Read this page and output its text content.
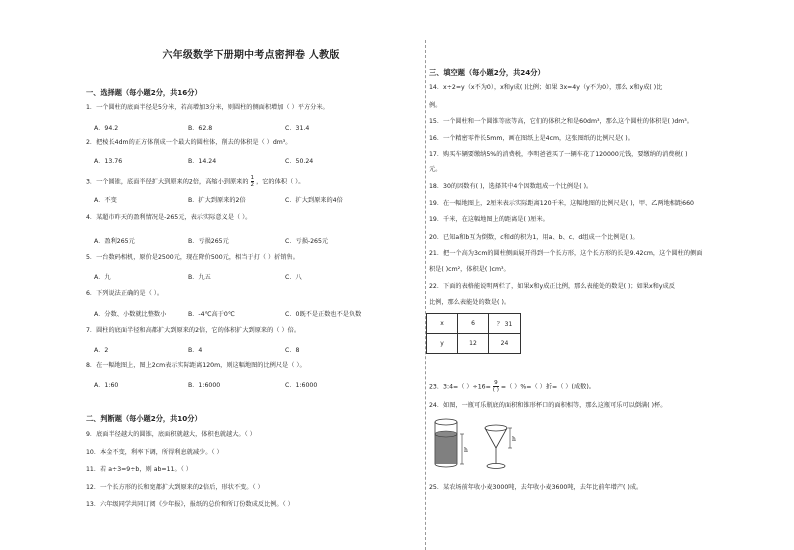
六年级数学下册期中考点密押卷 人教版
一、选择题（每小题2分，共16分）
1．一个圆柱的底面半径是5分米，若高增加3分米，则圆柱的侧面积增加（ ）平方分米。
A．94.2	B．62.8	C．31.4
2．把棱长4dm的正方体削成一个最大的圆柱体，削去的体积是（ ）dm³。
A．13.76	B．14.24	C．50.24
3．一个圆锥，底面半径扩大到原来的2倍，高缩小到原来的 $\frac{1}{2}$ ，它的体积（ ）。
A．不变	B．扩大到原来的2倍	C．扩大到原来的4倍
4．某超市昨天的盈利情况是-265元，表示实际意义是（ ）。
A．盈利265元	B．亏损265元	C．亏损-265元
5．一台数码相机，原价是2500元，现在降价500元，相当于打（ ）折销售。
A．九	B．九五	C．八
6．下列说法正确的是（ ）。
A．分数、小数就比整数小	B．-4℃高于0℃	C．0既不是正数也不是负数
7．圆柱的底面半径和高都扩大到原来的2倍，它的体积扩大到原来的（ ）倍。
A．2	B．4	C．8
8．在一幅地图上，图上2cm表示实际距离120m，则这幅地图的比例尺是（ ）。
A．1:60	B．1:6000	C．1:6000
二、判断题（每小题2分，共10分）
9．底面半径越大的圆锥，底面积就越大，体积也就越大。（ ）
10．本金不变，利率下调，所得利息就减少。（ ）
11．若 a÷3=9÷b，则 ab=11。（ ）
12．一个长方形的长和宽都扩大到原来的2倍后，形状不变。（ ）
13．六年级同学共同订阅《少年报》，报纸的总价和所订份数成反比例。（ ）
三、填空题（每小题2分，共24分）
14．x÷2=y（x不为0），x和y成( )比例；如果 3x=4y（y不为0），那么 x和y成( )比
例。
15．一个圆柱和一个圆锥等底等高，它们的体积之和是60dm³，那么这个圆柱的体积是( )dm³。
16．一个精密零件长5mm，画在图纸上是4cm，这张图纸的比例尺是( )。
17．购买车辆要缴纳5%的消费税，李明爸爸买了一辆车花了120000元钱，要缴纳的消费税( )
元。
18．30的因数有( )，选择其中4个因数组成一个比例是( )。
19．在一幅地图上，2厘米表示实际距离120千米，这幅地图的比例尺是( )，甲、乙两地相距660
19．千米，在这幅地图上的距离是( )厘米。
20．已知a和b互为倒数，c和d的积为1，用a、b、c、d组成一个比例是( )。
21．把一个高为3cm的圆柱侧面展开得到一个长方形，这个长方形的长是9.42cm，这个圆柱的侧面
积是( )cm²，体积是( )cm³。
22．下面的表格能说明两栏了，如果x和y成正比例，那么表能处的数是( )；如果x和y成反
比例，那么表能处的数是( )。
x	6	？ 31
y	12	24
23．3:4=（ ）$\div 16= \frac{9}{( )}$ =（ ）%=（ ）折=（ ）(成数)。
24．如图，一瓶可乐瓶底的面积和锥形杯口的面积相等，那么这瓶可乐可以倒满( )杯。
h
h
25．某农场前年收小麦3000吨，去年收小麦3600吨，去年比前年增产( )成。
